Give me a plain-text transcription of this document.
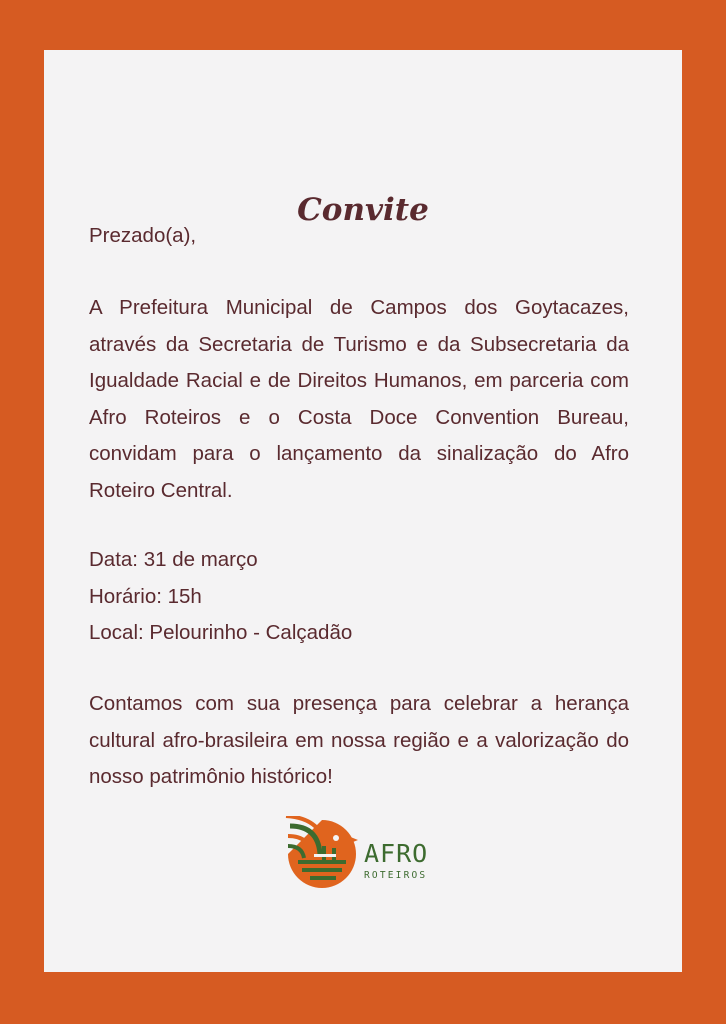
Convite

Prezado(a),

A Prefeitura Municipal de Campos dos Goytacazes, através da Secretaria de Turismo e da Subsecretaria da Igualdade Racial e de Direitos Humanos, em parceria com Afro Roteiros e o Costa Doce Convention Bureau, convidam para o lançamento da sinalização do Afro Roteiro Central.

Data: 31 de março
Horário: 15h
Local: Pelourinho - Calçadão

Contamos com sua presença para celebrar a herança cultural afro-brasileira em nossa região e a valorização do nosso patrimônio histórico!

AFRO
ROTEIROS
